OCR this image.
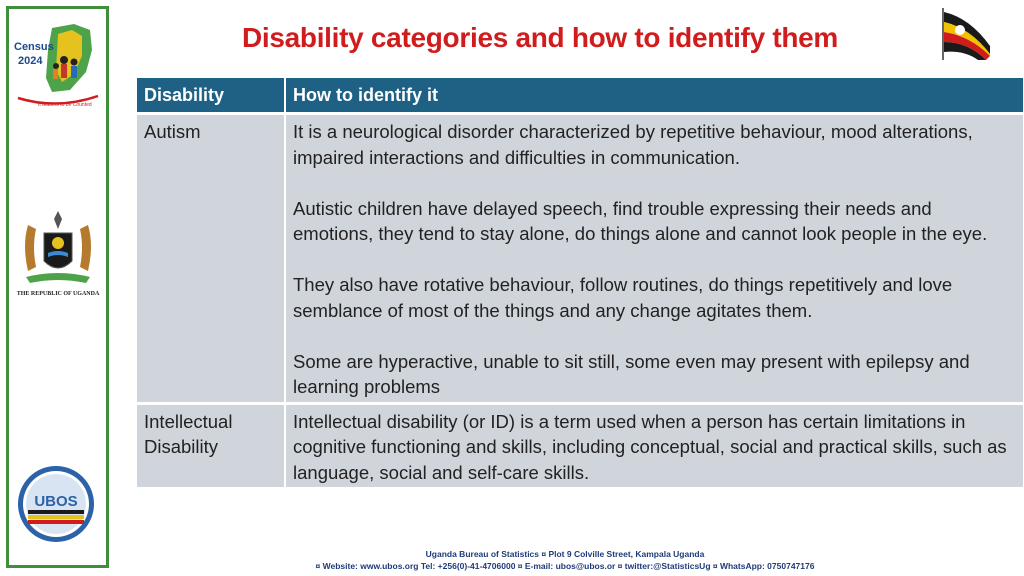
Census
2024
It Matters to be Counted
THE REPUBLIC OF UGANDA
UBOS
Disability categories and how to identify them
Disability	How to identify it
Autism	It is a neurological disorder characterized by repetitive behaviour, mood alterations, impaired interactions and difficulties in communication.

Autistic children have delayed speech, find trouble expressing their needs and emotions, they tend to stay alone, do things alone and cannot look people in the eye.

They also have rotative behaviour, follow routines, do things repetitively and love semblance of most of the things and any change agitates them.

Some are hyperactive, unable to sit still, some even may present with epilepsy and learning problems

Intellectual Disability	Intellectual disability (or ID) is a term used when a person has certain limitations in cognitive functioning and skills, including conceptual, social and practical skills, such as language, social and self-care skills.

Uganda Bureau of Statistics ¤ Plot 9 Colville Street, Kampala Uganda
¤ Website: www.ubos.org Tel: +256(0)-41-4706000 ¤ E-mail: ubos@ubos.or ¤ twitter:@StatisticsUg ¤ WhatsApp: 0750747176
